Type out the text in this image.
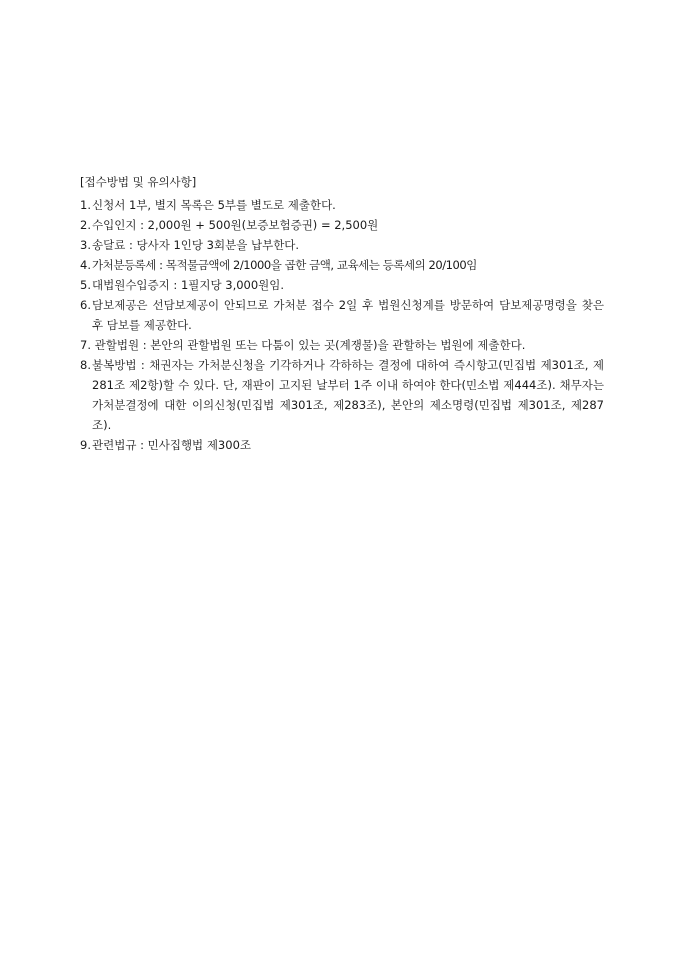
[접수방법 및 유의사항]
1. 신청서 1부, 별지 목록은 5부를 별도로 제출한다.
2. 수입인지 : 2,000원 + 500원(보증보험증권) = 2,500원
3. 송달료 : 당사자 1인당 3회분을 납부한다.
4. 가처분등록세 : 목적물금액에 2/1000을 곱한 금액, 교육세는 등록세의 20/100임
5. 대법원수입증지 : 1필지당 3,000원임.
6. 담보제공은 선담보제공이 안되므로 가처분 접수 2일 후 법원신청계를 방문하여 담보제공명령을 찾은 후 담보를 제공한다.
7. 관할법원 : 본안의 관할법원 또는 다툼이 있는 곳(계쟁물)을 관할하는 법원에 제출한다.
8. 불복방법 : 채권자는 가처분신청을 기각하거나 각하하는 결정에 대하여 즉시항고(민집법 제301조, 제281조 제2항)할 수 있다. 단, 재판이 고지된 날부터 1주 이내 하여야 한다(민소법 제444조). 채무자는 가처분결정에 대한 이의신청(민집법 제301조, 제283조), 본안의 제소명령(민집법 제301조, 제287조).
9. 관련법규 : 민사집행법 제300조
